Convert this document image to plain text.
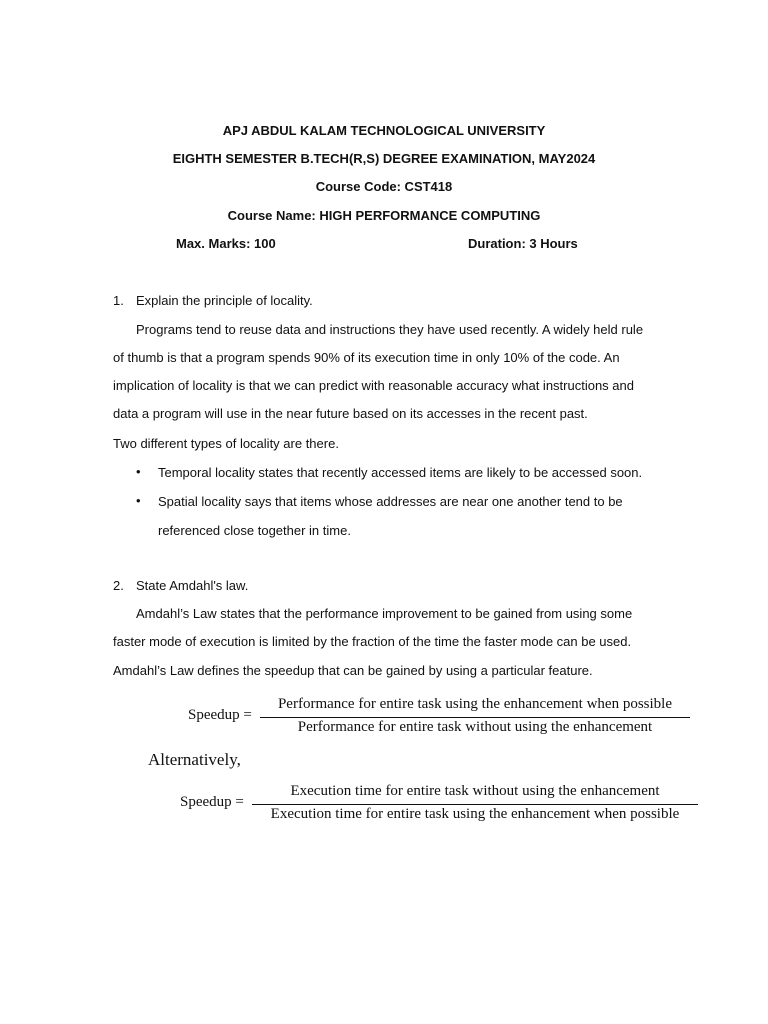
APJ ABDUL KALAM TECHNOLOGICAL UNIVERSITY
EIGHTH SEMESTER B.TECH(R,S) DEGREE EXAMINATION, MAY2024
Course Code: CST418
Course Name: HIGH PERFORMANCE COMPUTING
Max. Marks: 100	Duration: 3 Hours
1. Explain the principle of locality.
Programs tend to reuse data and instructions they have used recently. A widely held rule
of thumb is that a program spends 90% of its execution time in only 10% of the code. An
implication of locality is that we can predict with reasonable accuracy what instructions and
data a program will use in the near future based on its accesses in the recent past.
Two different types of locality are there.
• Temporal locality states that recently accessed items are likely to be accessed soon.
• Spatial locality says that items whose addresses are near one another tend to be
referenced close together in time.
2. State Amdahl's law.
Amdahl’s Law states that the performance improvement to be gained from using some
faster mode of execution is limited by the fraction of the time the faster mode can be used.
Amdahl’s Law defines the speedup that can be gained by using a particular feature.
Speedup =
Performance for entire task using the enhancement when possible
Performance for entire task without using the enhancement
Alternatively,
Speedup =
Execution time for entire task without using the enhancement
Execution time for entire task using the enhancement when possible
